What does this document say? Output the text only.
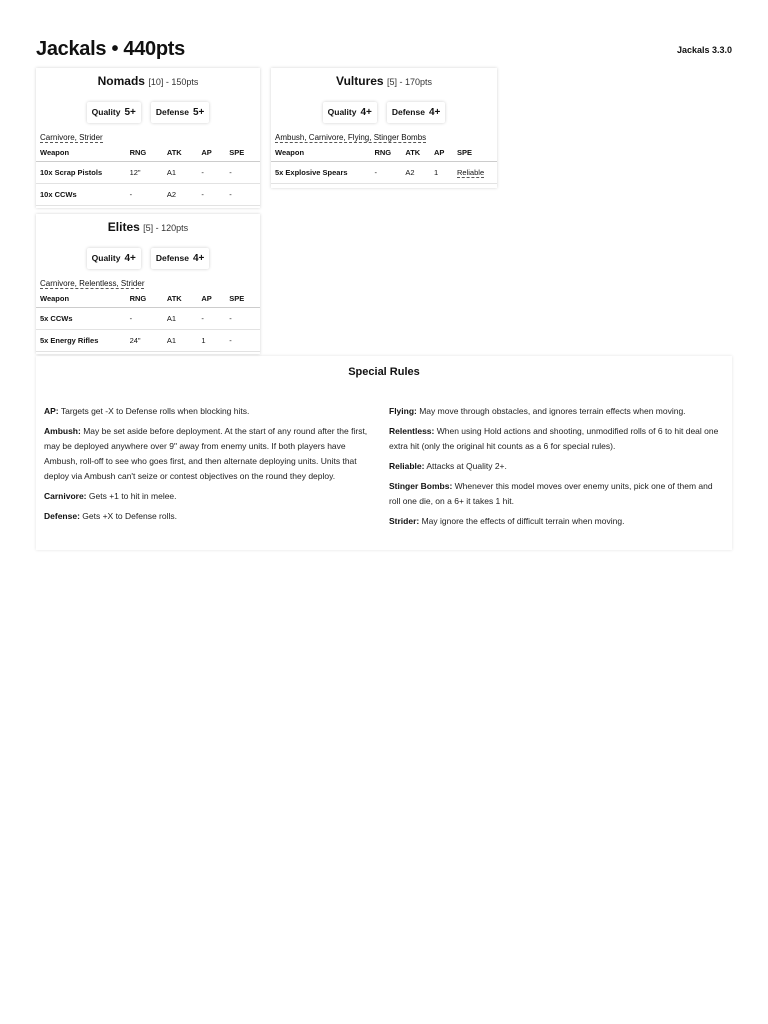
Jackals • 440pts	Jackals 3.3.0
Nomads [10] - 150pts
Quality 5+	Defense 5+
Carnivore, Strider
Weapon	RNG	ATK	AP	SPE
10x Scrap Pistols	12"	A1	-	-
10x CCWs	-	A2	-	-
Vultures [5] - 170pts
Quality 4+	Defense 4+
Ambush, Carnivore, Flying, Stinger Bombs
Weapon	RNG	ATK	AP	SPE
5x Explosive Spears	-	A2	1	Reliable
Elites [5] - 120pts
Quality 4+	Defense 4+
Carnivore, Relentless, Strider
Weapon	RNG	ATK	AP	SPE
5x CCWs	-	A1	-	-
5x Energy Rifles	24"	A1	1	-
Special Rules

AP: Targets get -X to Defense rolls when blocking hits.

Ambush: May be set aside before deployment. At the start of any round after the first, may be deployed anywhere over 9" away from enemy units. If both players have Ambush, roll-off to see who goes first, and then alternate deploying units. Units that deploy via Ambush can't seize or contest objectives on the round they deploy.

Carnivore: Gets +1 to hit in melee.

Defense: Gets +X to Defense rolls.

Flying: May move through obstacles, and ignores terrain effects when moving.

Relentless: When using Hold actions and shooting, unmodified rolls of 6 to hit deal one extra hit (only the original hit counts as a 6 for special rules).

Reliable: Attacks at Quality 2+.

Stinger Bombs: Whenever this model moves over enemy units, pick one of them and roll one die, on a 6+ it takes 1 hit.

Strider: May ignore the effects of difficult terrain when moving.
